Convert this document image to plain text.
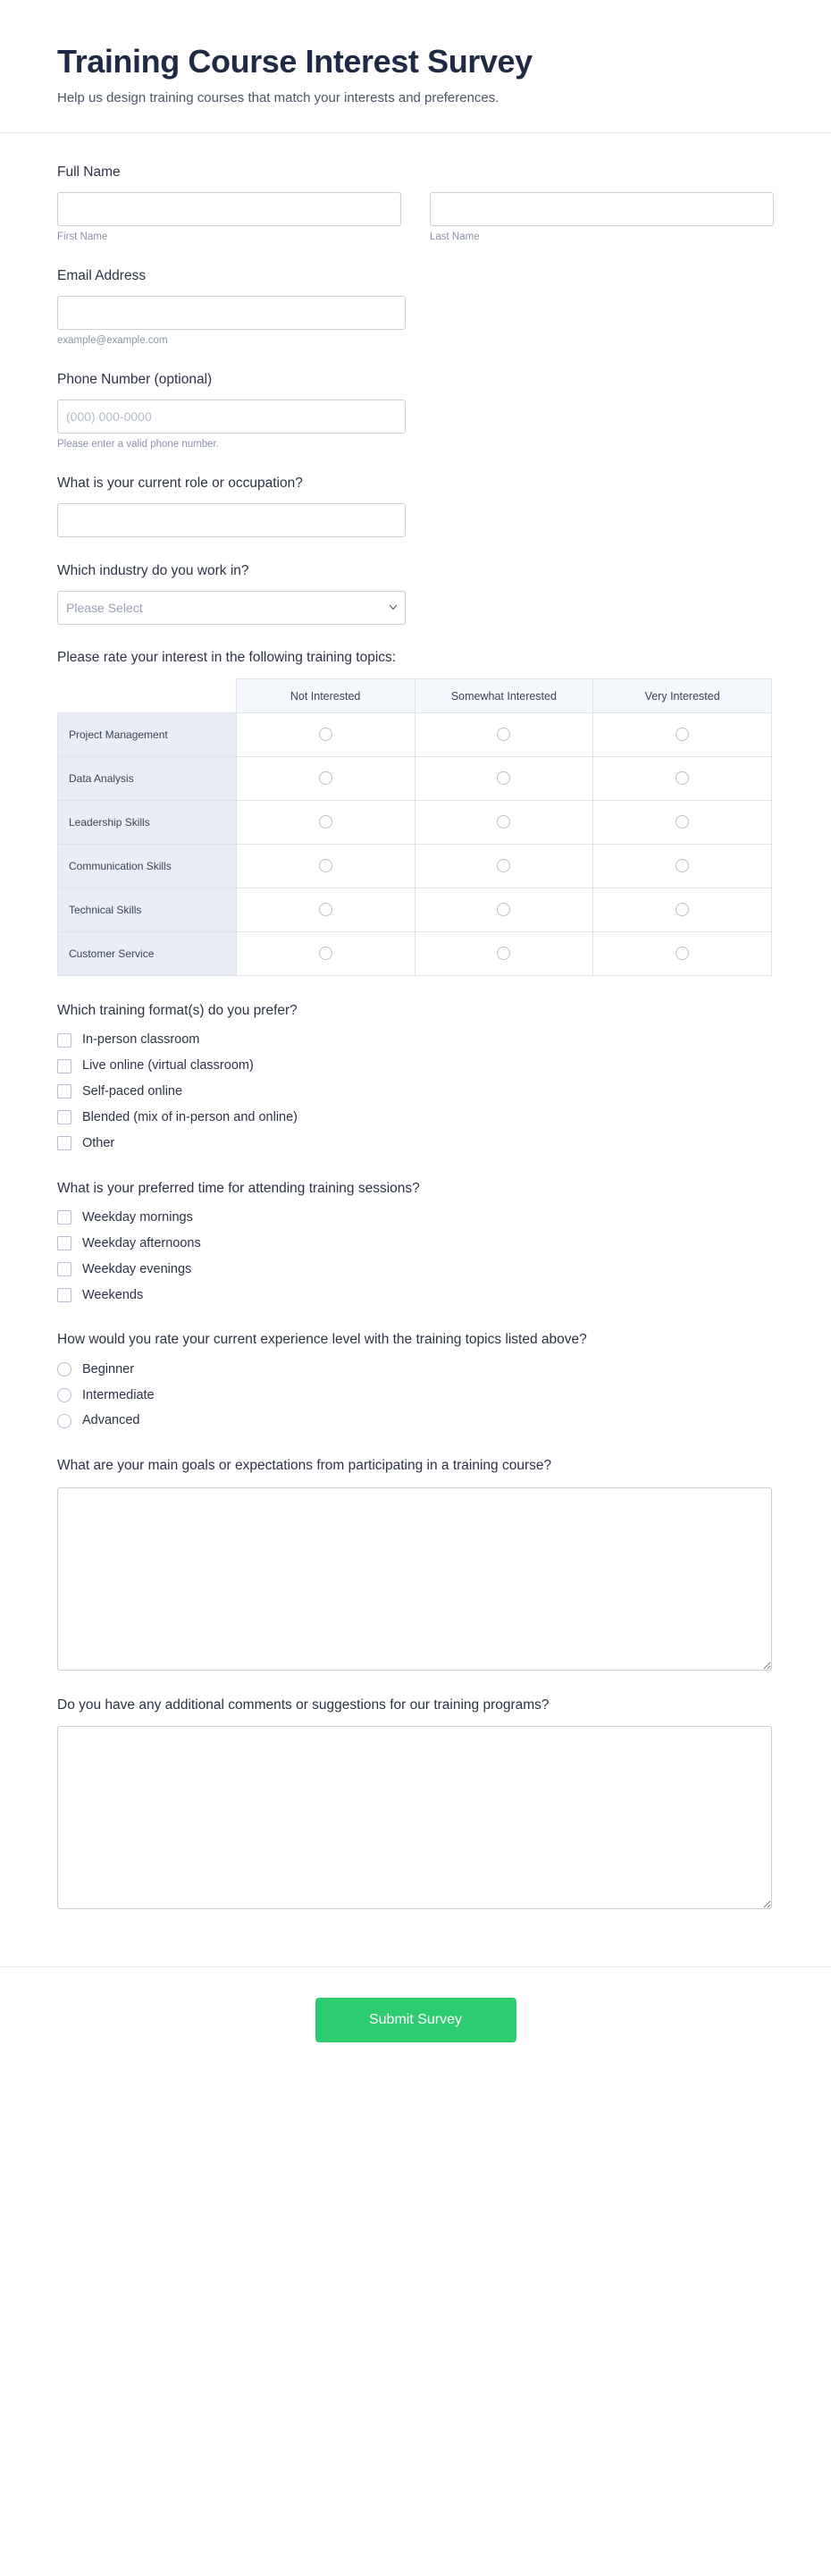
Training Course Interest Survey

Help us design training courses that match your interests and preferences.

Full Name
First Name	Last Name
Email Address
example@example.com
Phone Number (optional)
(000) 000-0000
Please enter a valid phone number.
What is your current role or occupation?
Which industry do you work in?
Please Select
Please rate your interest in the following training topics:
	Not Interested	Somewhat Interested	Very Interested
Project Management			
Data Analysis			
Leadership Skills			
Communication Skills			
Technical Skills			
Customer Service			
Which training format(s) do you prefer?
In-person classroom
Live online (virtual classroom)
Self-paced online
Blended (mix of in-person and online)
Other
What is your preferred time for attending training sessions?
Weekday mornings
Weekday afternoons
Weekday evenings
Weekends
How would you rate your current experience level with the training topics listed above?
Beginner
Intermediate
Advanced
What are your main goals or expectations from participating in a training course?
Do you have any additional comments or suggestions for our training programs?
Submit Survey
